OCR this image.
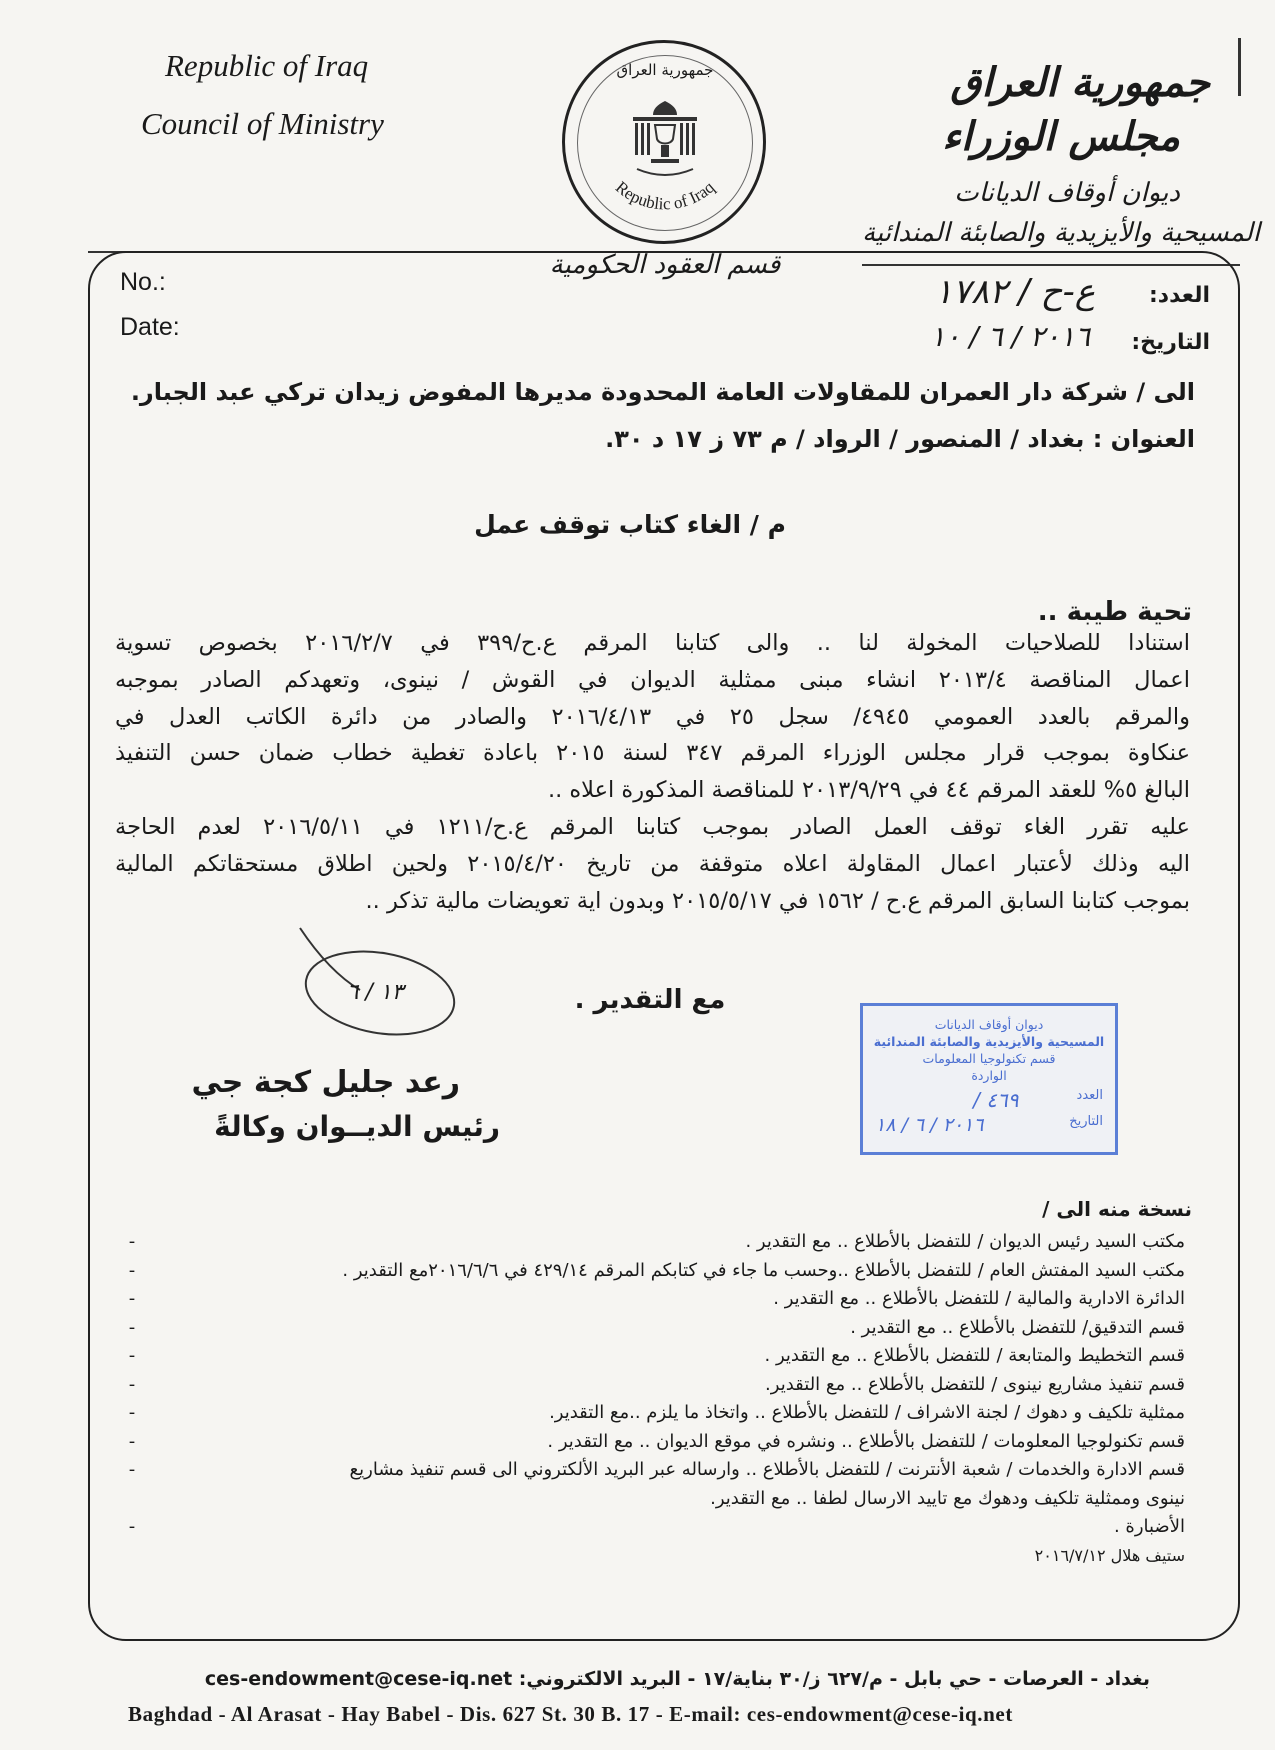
Republic of Iraq
Council of Ministry
جمهورية العراق
Republic of Iraq
قسم العقود الحكومية
جمهورية العراق
مجلس الوزراء
ديوان أوقاف الديانات
المسيحية والأيزيدية والصابئة المندائية
No.:
Date:
العدد:
ع-ح / ١٧٨٢
التاريخ:
٢٠١٦ / ٦ / ١٠
الى / شركة دار العمران للمقاولات العامة المحدودة مديرها المفوض زيدان تركي عبد الجبار.
العنوان : بغداد / المنصور / الرواد / م ٧٣ ز ١٧ د ٣٠.
م / الغاء كتاب توقف عمل
تحية طيبة ..
استنادا للصلاحيات المخولة لنا .. والى كتابنا المرقم ع.ح/٣٩٩ في ٢٠١٦/٢/٧ بخصوص تسوية
اعمال المناقصة ٢٠١٣/٤ انشاء مبنى ممثلية الديوان في القوش / نينوى، وتعهدكم الصادر بموجبه
والمرقم بالعدد العمومي ٤٩٤٥/ سجل ٢٥ في ٢٠١٦/٤/١٣ والصادر من دائرة الكاتب العدل في
عنكاوة بموجب قرار مجلس الوزراء المرقم ٣٤٧ لسنة ٢٠١٥ باعادة تغطية خطاب ضمان حسن التنفيذ
البالغ ٥% للعقد المرقم ٤٤ في ٢٠١٣/٩/٢٩ للمناقصة المذكورة اعلاه ..
عليه تقرر الغاء توقف العمل الصادر بموجب كتابنا المرقم ع.ح/١٢١١ في ٢٠١٦/٥/١١ لعدم الحاجة
اليه وذلك لأعتبار اعمال المقاولة اعلاه متوقفة من تاريخ ٢٠١٥/٤/٢٠ ولحين اطلاق مستحقاتكم المالية
بموجب كتابنا السابق المرقم ع.ح / ١٥٦٢ في ٢٠١٥/٥/١٧ وبدون اية تعويضات مالية تذكر ..
مع التقدير .
١٣ / ٦
رعد جليل كجة جي
رئيس الديــوان وكالةً
ديوان أوقاف الديانات
المسيحية والأيزيدية والصابئة المندائية
قسم تكنولوجيا المعلومات
الواردة
العدد
٤٦٩ /
التاريخ
٢٠١٦ / ٦ / ١٨
نسخة منه الى /
مكتب السيد رئيس الديوان / للتفضل بالأطلاع .. مع التقدير .
-
مكتب السيد المفتش العام / للتفضل بالأطلاع ..وحسب ما جاء في كتابكم المرقم ٤٢٩/١٤ في ٢٠١٦/٦/٦مع التقدير .
-
الدائرة الادارية والمالية / للتفضل بالأطلاع .. مع التقدير .
-
قسم التدقيق/ للتفضل بالأطلاع .. مع التقدير .
-
قسم التخطيط والمتابعة / للتفضل بالأطلاع .. مع التقدير .
-
قسم تنفيذ مشاريع نينوى / للتفضل بالأطلاع .. مع التقدير.
-
ممثلية تلكيف و دهوك / لجنة الاشراف / للتفضل بالأطلاع .. واتخاذ ما يلزم ..مع التقدير.
-
قسم تكنولوجيا المعلومات / للتفضل بالأطلاع .. ونشره في موقع الديوان .. مع التقدير .
-
قسم الادارة والخدمات / شعبة الأنترنت / للتفضل بالأطلاع .. وارساله عبر البريد الألكتروني الى قسم تنفيذ مشاريع
-
نينوى وممثلية تلكيف ودهوك مع تاييد الارسال لطفا .. مع التقدير.
الأضبارة .
-
ستيف هلال ٢٠١٦/٧/١٢
بغداد - العرصات - حي بابل - م/٦٢٧ ز/٣٠ بناية/١٧ - البريد الالكتروني: ces-endowment@cese-iq.net
Baghdad - Al Arasat - Hay Babel - Dis. 627 St. 30 B. 17 - E-mail: ces-endowment@cese-iq.net
